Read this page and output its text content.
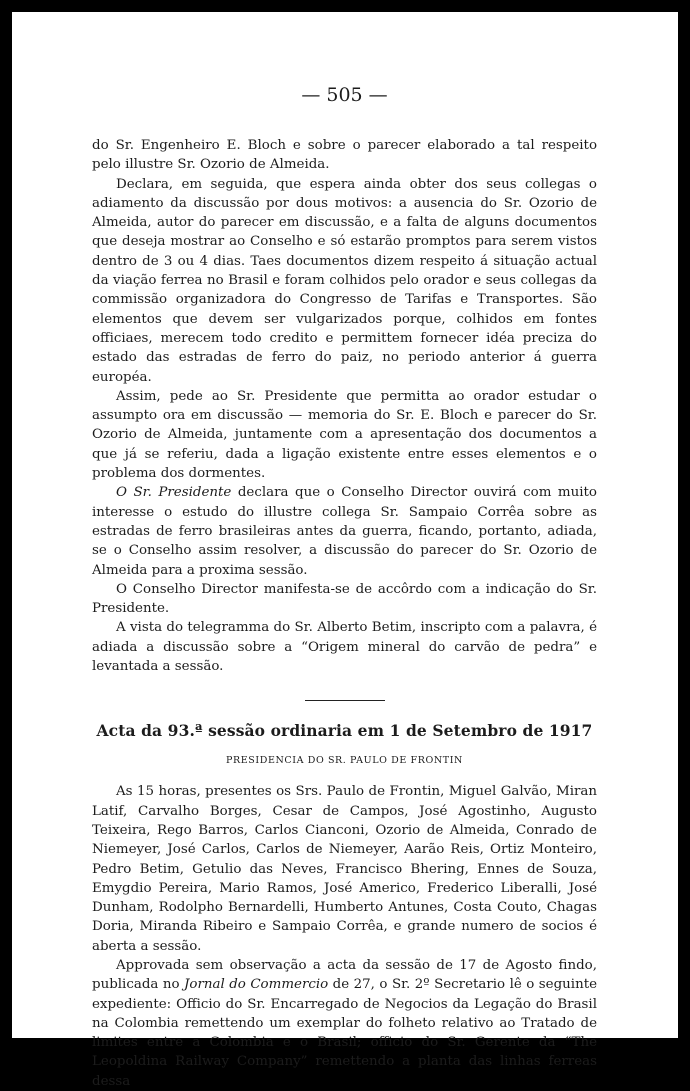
— 505 —

do Sr. Engenheiro E. Bloch e sobre o parecer elaborado a tal respeito pelo illustre Sr. Ozorio de Almeida.

Declara, em seguida, que espera ainda obter dos seus collegas o adiamento da discussão por dous motivos: a ausencia do Sr. Ozorio de Almeida, autor do parecer em discussão, e a falta de alguns documentos que deseja mostrar ao Conselho e só estarão promptos para serem vistos dentro de 3 ou 4 dias. Taes documentos dizem respeito á situação actual da viação ferrea no Brasil e foram colhidos pelo orador e seus collegas da commissão organizadora do Congresso de Tarifas e Transportes. São elementos que devem ser vulgarizados porque, colhidos em fontes officiaes, merecem todo credito e permittem fornecer idéa preciza do estado das estradas de ferro do paiz, no periodo anterior á guerra européa.

Assim, pede ao Sr. Presidente que permitta ao orador estudar o assumpto ora em discussão — memoria do Sr. E. Bloch e parecer do Sr. Ozorio de Almeida, juntamente com a apresentação dos documentos a que já se referiu, dada a ligação existente entre esses elementos e o problema dos dormentes.

O Sr. Presidente declara que o Conselho Director ouvirá com muito interesse o estudo do illustre collega Sr. Sampaio Corrêa sobre as estradas de ferro brasileiras antes da guerra, ficando, portanto, adiada, se o Conselho assim resolver, a discussão do parecer do Sr. Ozorio de Almeida para a proxima sessão.

O Conselho Director manifesta-se de accôrdo com a indicação do Sr. Presidente.

A vista do telegramma do Sr. Alberto Betim, inscripto com a palavra, é adiada a discussão sobre a “Origem mineral do carvão de pedra” e levantada a sessão.

Acta da 93.ª sessão ordinaria em 1 de Setembro de 1917
PRESIDENCIA DO SR. PAULO DE FRONTIN

As 15 horas, presentes os Srs. Paulo de Frontin, Miguel Galvão, Miran Latif, Carvalho Borges, Cesar de Campos, José Agostinho, Augusto Teixeira, Rego Barros, Carlos Cianconi, Ozorio de Almeida, Conrado de Niemeyer, José Carlos, Carlos de Niemeyer, Aarão Reis, Ortiz Monteiro, Pedro Betim, Getulio das Neves, Francisco Bhering, Ennes de Souza, Emygdio Pereira, Mario Ramos, José Americo, Frederico Liberalli, José Dunham, Rodolpho Bernardelli, Humberto Antunes, Costa Couto, Chagas Doria, Miranda Ribeiro e Sampaio Corrêa, e grande numero de socios é aberta a sessão.

Approvada sem observação a acta da sessão de 17 de Agosto findo, publicada no Jornal do Commercio de 27, o Sr. 2º Secretario lê o seguinte expediente: Officio do Sr. Encarregado de Negocios da Legação do Brasil na Colombia remettendo um exemplar do folheto relativo ao Tratado de limites entre a Colombia e o Brasil; officio do Sr. Gerente da “The Leopoldina Railway Company” remettendo a planta das linhas ferreas dessa
